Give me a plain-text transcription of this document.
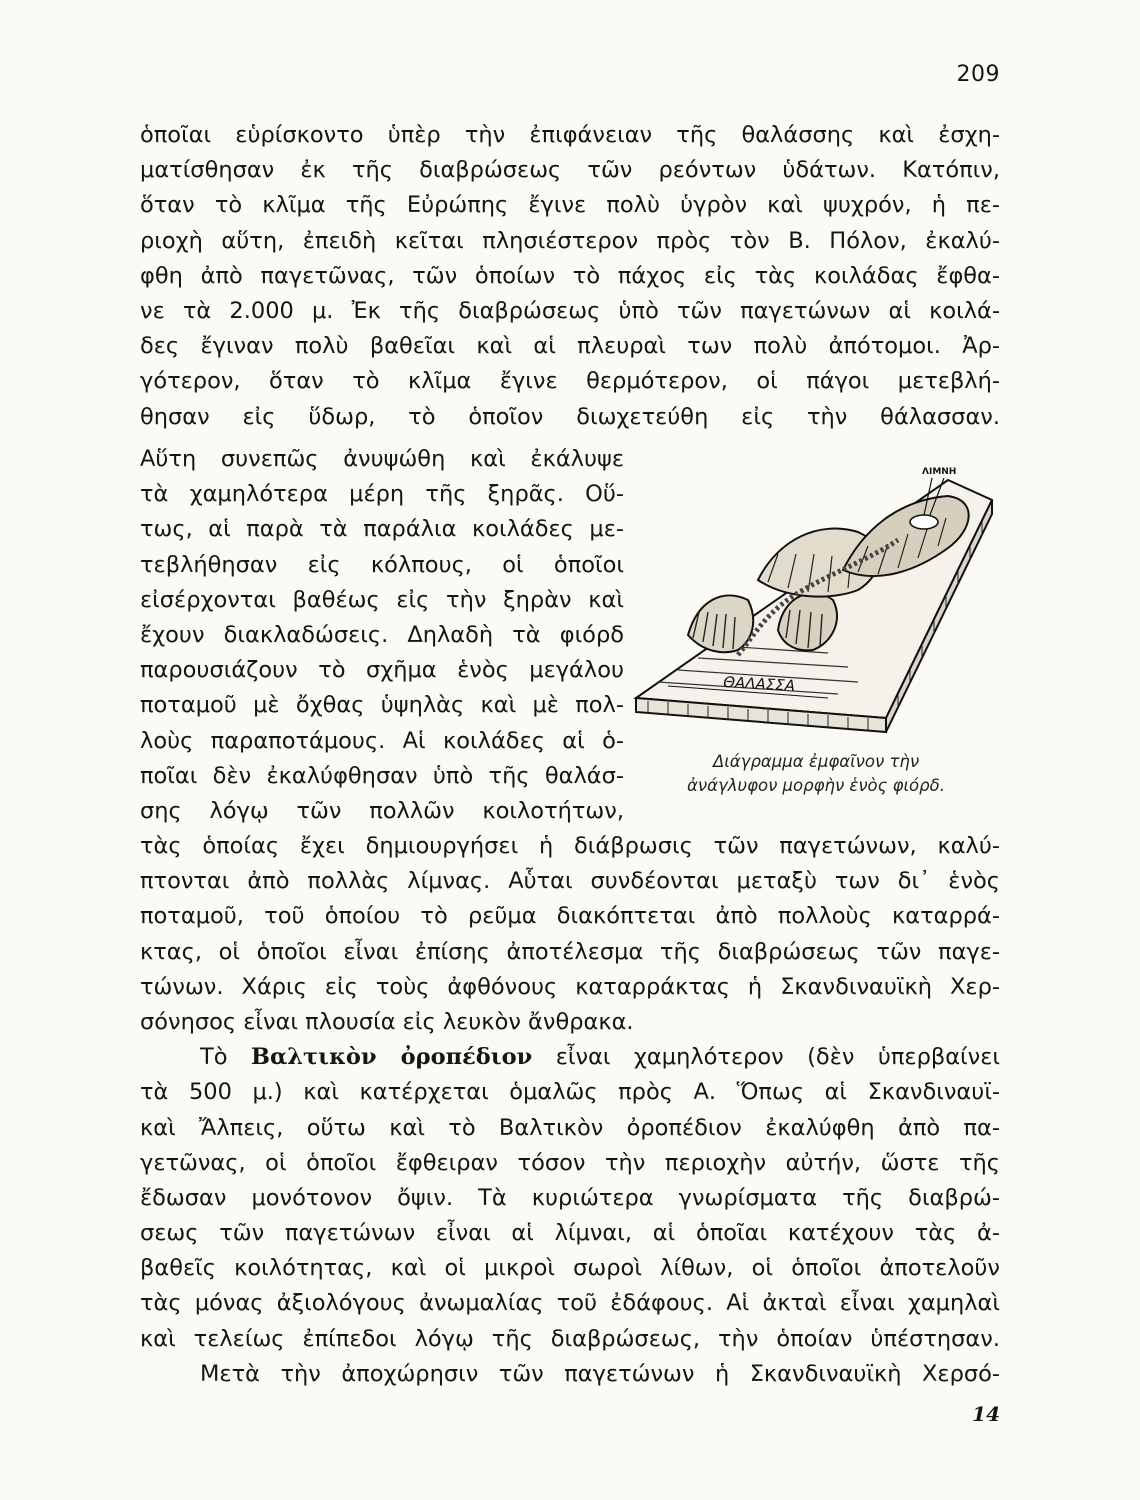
209
ὁποῖαι εὑρίσκοντο ὑπὲρ τὴν ἐπιφάνειαν τῆς θαλάσσης καὶ ἐσχη-
ματίσθησαν ἐκ τῆς διαβρώσεως τῶν ρεόντων ὑδάτων. Κατόπιν,
ὅταν τὸ κλῖμα τῆς Εὐρώπης ἔγινε πολὺ ὑγρὸν καὶ ψυχρόν, ἡ πε-
ριοχὴ αὕτη, ἐπειδὴ κεῖται πλησιέστερον πρὸς τὸν Β. Πόλον, ἐκαλύ-
φθη ἀπὸ παγετῶνας, τῶν ὁποίων τὸ πάχος εἰς τὰς κοιλάδας ἔφθα-
νε τὰ 2.000 μ. Ἐκ τῆς διαβρώσεως ὑπὸ τῶν παγετώνων αἱ κοιλά-
δες ἔγιναν πολὺ βαθεῖαι καὶ αἱ πλευραὶ των πολὺ ἀπότομοι. Ἀρ-
γότερον, ὅταν τὸ κλῖμα ἔγινε θερμότερον, οἱ πάγοι μετεβλή-
θησαν εἰς ὕδωρ, τὸ ὁποῖον διωχετεύθη εἰς τὴν θάλασσαν.
Αὕτη συνεπῶς ἀνυψώθη καὶ ἐκάλυψε
τὰ χαμηλότερα μέρη τῆς ξηρᾶς. Οὕ-
τως, αἱ παρὰ τὰ παράλια κοιλάδες με-
τεβλήθησαν εἰς κόλπους, οἱ ὁποῖοι
εἰσέρχονται βαθέως εἰς τὴν ξηρὰν καὶ
ἔχουν διακλαδώσεις. Δηλαδὴ τὰ φιόρδ
παρουσιάζουν τὸ σχῆμα ἑνὸς μεγάλου
ποταμοῦ μὲ ὄχθας ὑψηλὰς καὶ μὲ πολ-
λοὺς παραποτάμους. Αἱ κοιλάδες αἱ ὁ-
ποῖαι δὲν ἐκαλύφθησαν ὑπὸ τῆς θαλάσ-
σης λόγῳ τῶν πολλῶν κοιλοτήτων,
ΛΙΜΝΗ
ΘΑΛΑΣΣΑ
Διάγραμμα ἐμφαῖνον τὴν
ἀνάγλυφον μορφὴν ἑνὸς φιόρδ.
τὰς ὁποίας ἔχει δημιουργήσει ἡ διάβρωσις τῶν παγετώνων, καλύ-
πτονται ἀπὸ πολλὰς λίμνας. Αὗται συνδέονται μεταξὺ των δι᾽ ἑνὸς
ποταμοῦ, τοῦ ὁποίου τὸ ρεῦμα διακόπτεται ἀπὸ πολλοὺς καταρρά-
κτας, οἱ ὁποῖοι εἶναι ἐπίσης ἀποτέλεσμα τῆς διαβρώσεως τῶν παγε-
τώνων. Χάρις εἰς τοὺς ἀφθόνους καταρράκτας ἡ Σκανδιναυϊκὴ Χερ-
σόνησος εἶναι πλουσία εἰς λευκὸν ἄνθρακα.
Τὸ Βαλτικὸν ὀροπέδιον εἶναι χαμηλότερον (δὲν ὑπερβαίνει
τὰ 500 μ.) καὶ κατέρχεται ὁμαλῶς πρὸς Α. Ὅπως αἱ Σκανδιναυϊ-
καὶ Ἄλπεις, οὕτω καὶ τὸ Βαλτικὸν ὀροπέδιον ἐκαλύφθη ἀπὸ πα-
γετῶνας, οἱ ὁποῖοι ἔφθειραν τόσον τὴν περιοχὴν αὐτήν, ὥστε τῆς
ἔδωσαν μονότονον ὄψιν. Τὰ κυριώτερα γνωρίσματα τῆς διαβρώ-
σεως τῶν παγετώνων εἶναι αἱ λίμναι, αἱ ὁποῖαι κατέχουν τὰς ἀ-
βαθεῖς κοιλότητας, καὶ οἱ μικροὶ σωροὶ λίθων, οἱ ὁποῖοι ἀποτελοῦν
τὰς μόνας ἀξιολόγους ἀνωμαλίας τοῦ ἐδάφους. Αἱ ἀκταὶ εἶναι χαμηλαὶ
καὶ τελείως ἐπίπεδοι λόγῳ τῆς διαβρώσεως, τὴν ὁποίαν ὑπέστησαν.
Μετὰ τὴν ἀποχώρησιν τῶν παγετώνων ἡ Σκανδιναυϊκὴ Χερσό-
14
